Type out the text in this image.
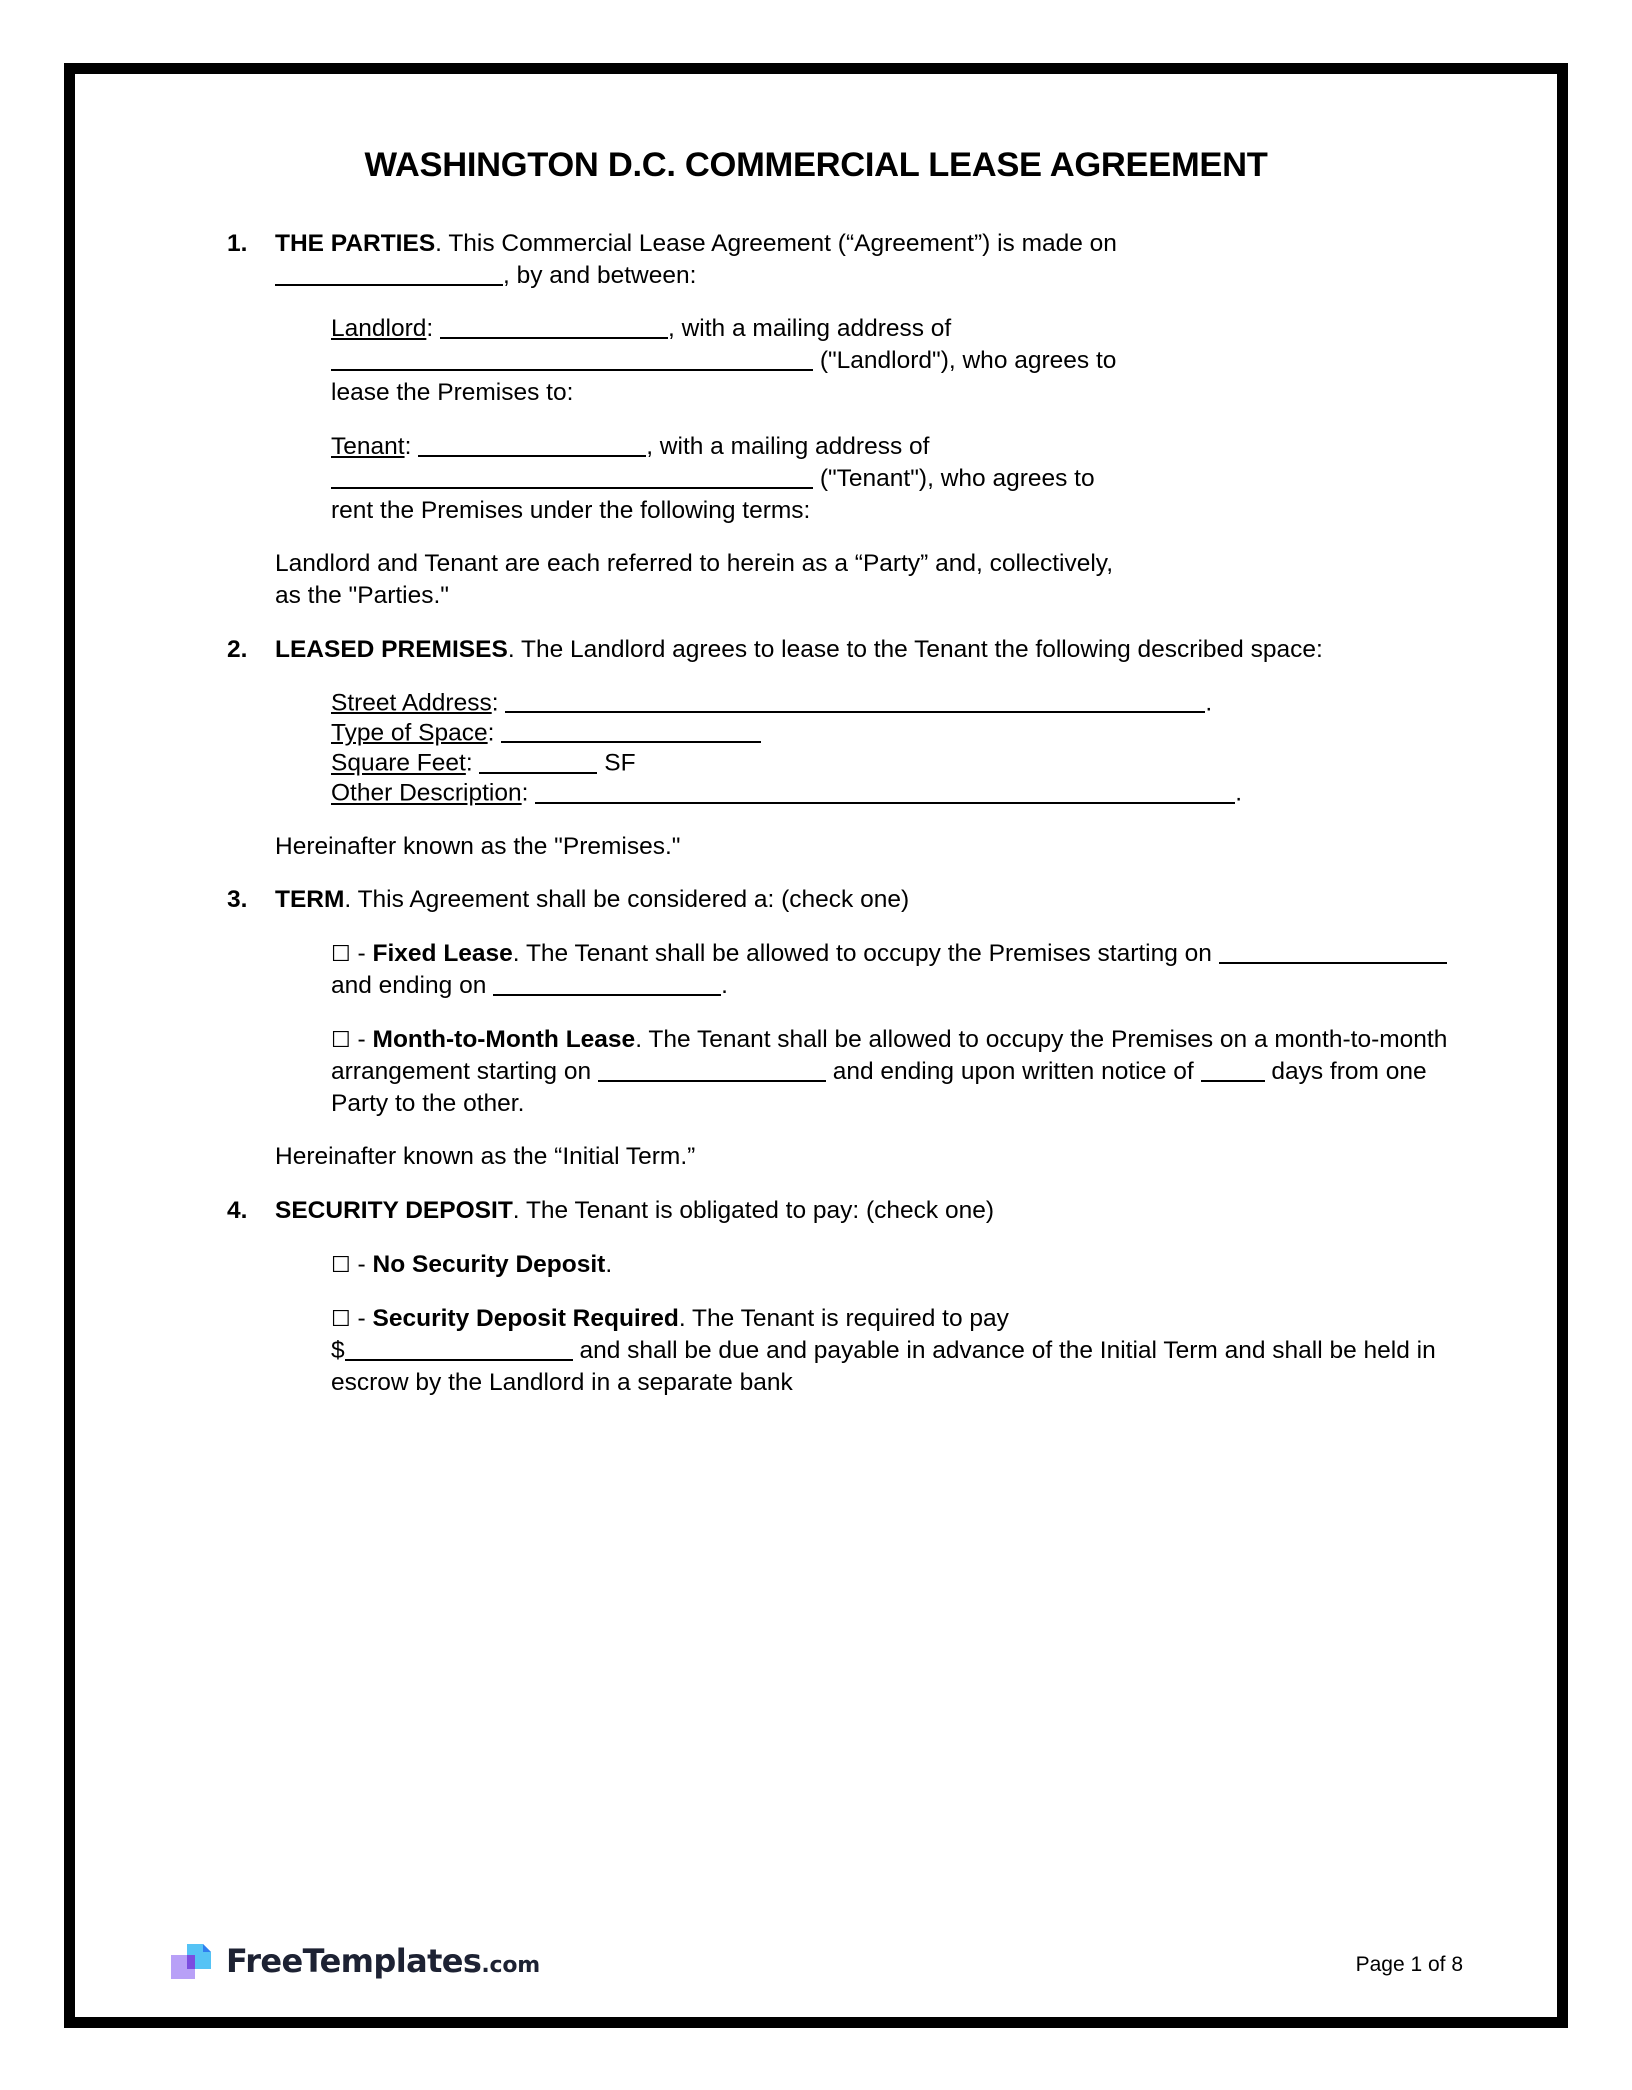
WASHINGTON D.C. COMMERCIAL LEASE AGREEMENT
1. THE PARTIES. This Commercial Lease Agreement (“Agreement”) is made on
, by and between:
Landlord:	, with a mailing address of
("Landlord"), who agrees to
lease the Premises to:
Tenant:	, with a mailing address of
("Tenant"), who agrees to
rent the Premises under the following terms:
Landlord and Tenant are each referred to herein as a “Party” and, collectively,
as the "Parties."
2. LEASED PREMISES. The Landlord agrees to lease to the Tenant the following described space:
Street Address:	.
Type of Space:
Square Feet:	SF
Other Description:	.
Hereinafter known as the "Premises."
3. TERM. This Agreement shall be considered a: (check one)
☐ - Fixed Lease. The Tenant shall be allowed to occupy the Premises starting on  and ending on	.
☐ - Month-to-Month Lease. The Tenant shall be allowed to occupy the Premises on a month-to-month arrangement starting on	and ending upon written notice of	days from one Party to the other.
Hereinafter known as the “Initial Term.”
4. SECURITY DEPOSIT. The Tenant is obligated to pay: (check one)
☐ - No Security Deposit.
☐ - Security Deposit Required. The Tenant is required to pay
$	and shall be due and payable in advance of the Initial Term and shall be held in escrow by the Landlord in a separate bank
FreeTemplates.com	Page 1 of 8
